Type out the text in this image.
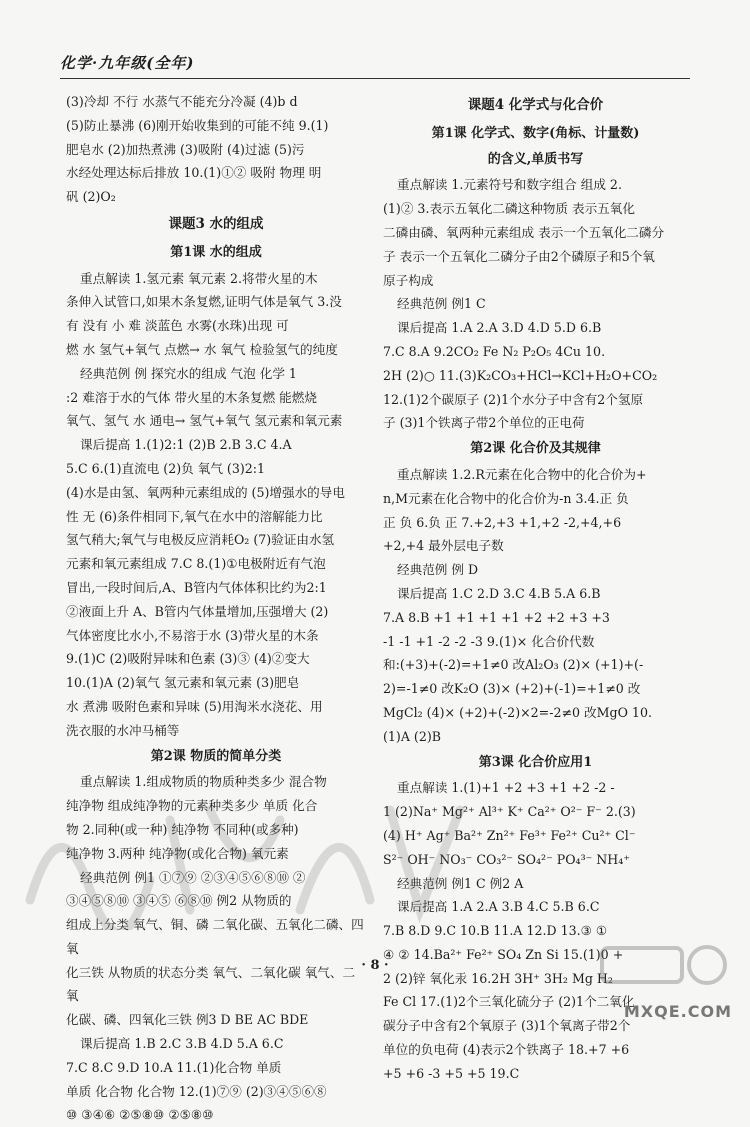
化学·九年级(全年)

(3)冷却 不行 水蒸气不能充分冷凝 (4)b d

(5)防止暴沸 (6)刚开始收集到的可能不纯 9.(1)

肥皂水 (2)加热煮沸 (3)吸附 (4)过滤 (5)污

水经处理达标后排放 10.(1)①② 吸附 物理 明

矾 (2)O₂

课题3 水的组成

第1课 水的组成

重点解读 1.氢元素 氧元素 2.将带火星的木

条伸入试管口,如果木条复燃,证明气体是氧气 3.没

有 没有 小 难 淡蓝色 水雾(水珠)出现 可

燃 水 氢气+氧气 点燃→ 水 氧气 检验氢气的纯度

经典范例 例 探究水的组成 气泡 化学 1

:2 难溶于水的气体 带火星的木条复燃 能燃烧

氧气、氢气 水 通电→ 氢气+氧气 氢元素和氧元素

课后提高 1.(1)2:1 (2)B 2.B 3.C 4.A

5.C 6.(1)直流电 (2)负 氧气 (3)2:1

(4)水是由氢、氧两种元素组成的 (5)增强水的导电

性 无 (6)条件相同下,氧气在水中的溶解能力比

氢气稍大;氧气与电极反应消耗O₂ (7)验证由水氢

元素和氧元素组成 7.C 8.(1)①电极附近有气泡

冒出,一段时间后,A、B管内气体体积比约为2:1

②液面上升 A、B管内气体量增加,压强增大 (2)

气体密度比水小,不易溶于水 (3)带火星的木条

9.(1)C (2)吸附异味和色素 (3)③ (4)②变大

10.(1)A (2)氧气 氢元素和氧元素 (3)肥皂

水 煮沸 吸附色素和异味 (5)用淘米水浇花、用

洗衣服的水冲马桶等

第2课 物质的简单分类

重点解读 1.组成物质的物质种类多少 混合物

纯净物 组成纯净物的元素种类多少 单质 化合

物 2.同种(或一种) 纯净物 不同种(或多种)

纯净物 3.两种 纯净物(或化合物) 氧元素

经典范例 例1 ①⑦⑨ ②③④⑤⑥⑧⑩ ②

③④⑤⑧⑩ ③④⑤ ⑥⑧⑩ 例2 从物质的

组成上分类 氧气、铜、磷 二氧化碳、五氧化二磷、四氧

化三铁 从物质的状态分类 氧气、二氧化碳 氧气、二氧

化碳、磷、四氧化三铁 例3 D BE AC BDE

课后提高 1.B 2.C 3.B 4.D 5.A 6.C

7.C 8.C 9.D 10.A 11.(1)化合物 单质

单质 化合物 化合物 12.(1)⑦⑨ (2)③④⑤⑥⑧

⑩ ③④⑥ ②⑤⑧⑩ ②⑤⑧⑩

课题4 化学式与化合价

第1课 化学式、数字(角标、计量数)

的含义,单质书写

重点解读 1.元素符号和数字组合 组成 2.

(1)② 3.表示五氧化二磷这种物质 表示五氧化

二磷由磷、氧两种元素组成 表示一个五氧化二磷分

子 表示一个五氧化二磷分子由2个磷原子和5个氧

原子构成

经典范例 例1 C

课后提高 1.A 2.A 3.D 4.D 5.D 6.B

7.C 8.A 9.2CO₂ Fe N₂ P₂O₅ 4Cu 10.

2H (2)○ 11.(3)K₂CO₃+HCl→KCl+H₂O+CO₂

12.(1)2个碳原子 (2)1个水分子中含有2个氢原

子 (3)1个铁离子带2个单位的正电荷

第2课 化合价及其规律

重点解读 1.2.R元素在化合物中的化合价为+

n,M元素在化合物中的化合价为-n 3.4.正 负

正 负 6.负 正 7.+2,+3 +1,+2 -2,+4,+6

+2,+4 最外层电子数

经典范例 例 D

课后提高 1.C 2.D 3.C 4.B 5.A 6.B

7.A 8.B +1 +1 +1 +1 +2 +2 +3 +3

-1 -1 +1 -2 -2 -3 9.(1)× 化合价代数

和:(+3)+(-2)=+1≠0 改Al₂O₃ (2)× (+1)+(-

2)=-1≠0 改K₂O (3)× (+2)+(-1)=+1≠0 改

MgCl₂ (4)× (+2)+(-2)×2=-2≠0 改MgO 10.

(1)A (2)B

第3课 化合价应用1

重点解读 1.(1)+1 +2 +3 +1 +2 -2 -

1 (2)Na⁺ Mg²⁺ Al³⁺ K⁺ Ca²⁺ O²⁻ F⁻ 2.(3)

(4) H⁺ Ag⁺ Ba²⁺ Zn²⁺ Fe³⁺ Fe²⁺ Cu²⁺ Cl⁻

S²⁻ OH⁻ NO₃⁻ CO₃²⁻ SO₄²⁻ PO₄³⁻ NH₄⁺

经典范例 例1 C 例2 A

课后提高 1.A 2.A 3.B 4.C 5.B 6.C

7.B 8.D 9.C 10.B 11.A 12.D 13.③ ①

④ ② 14.Ba²⁺ Fe²⁺ SO₄ Zn Si 15.(1)0 +

2 (2)锌 氧化汞 16.2H 3H⁺ 3H₂ Mg H₂

Fe Cl 17.(1)2个三氧化硫分子 (2)1个二氧化

碳分子中含有2个氧原子 (3)1个氧离子带2个

单位的负电荷 (4)表示2个铁离子 18.+7 +6

+5 +6 -3 +5 +5 19.C

· 8 ·
MXQE.COM
